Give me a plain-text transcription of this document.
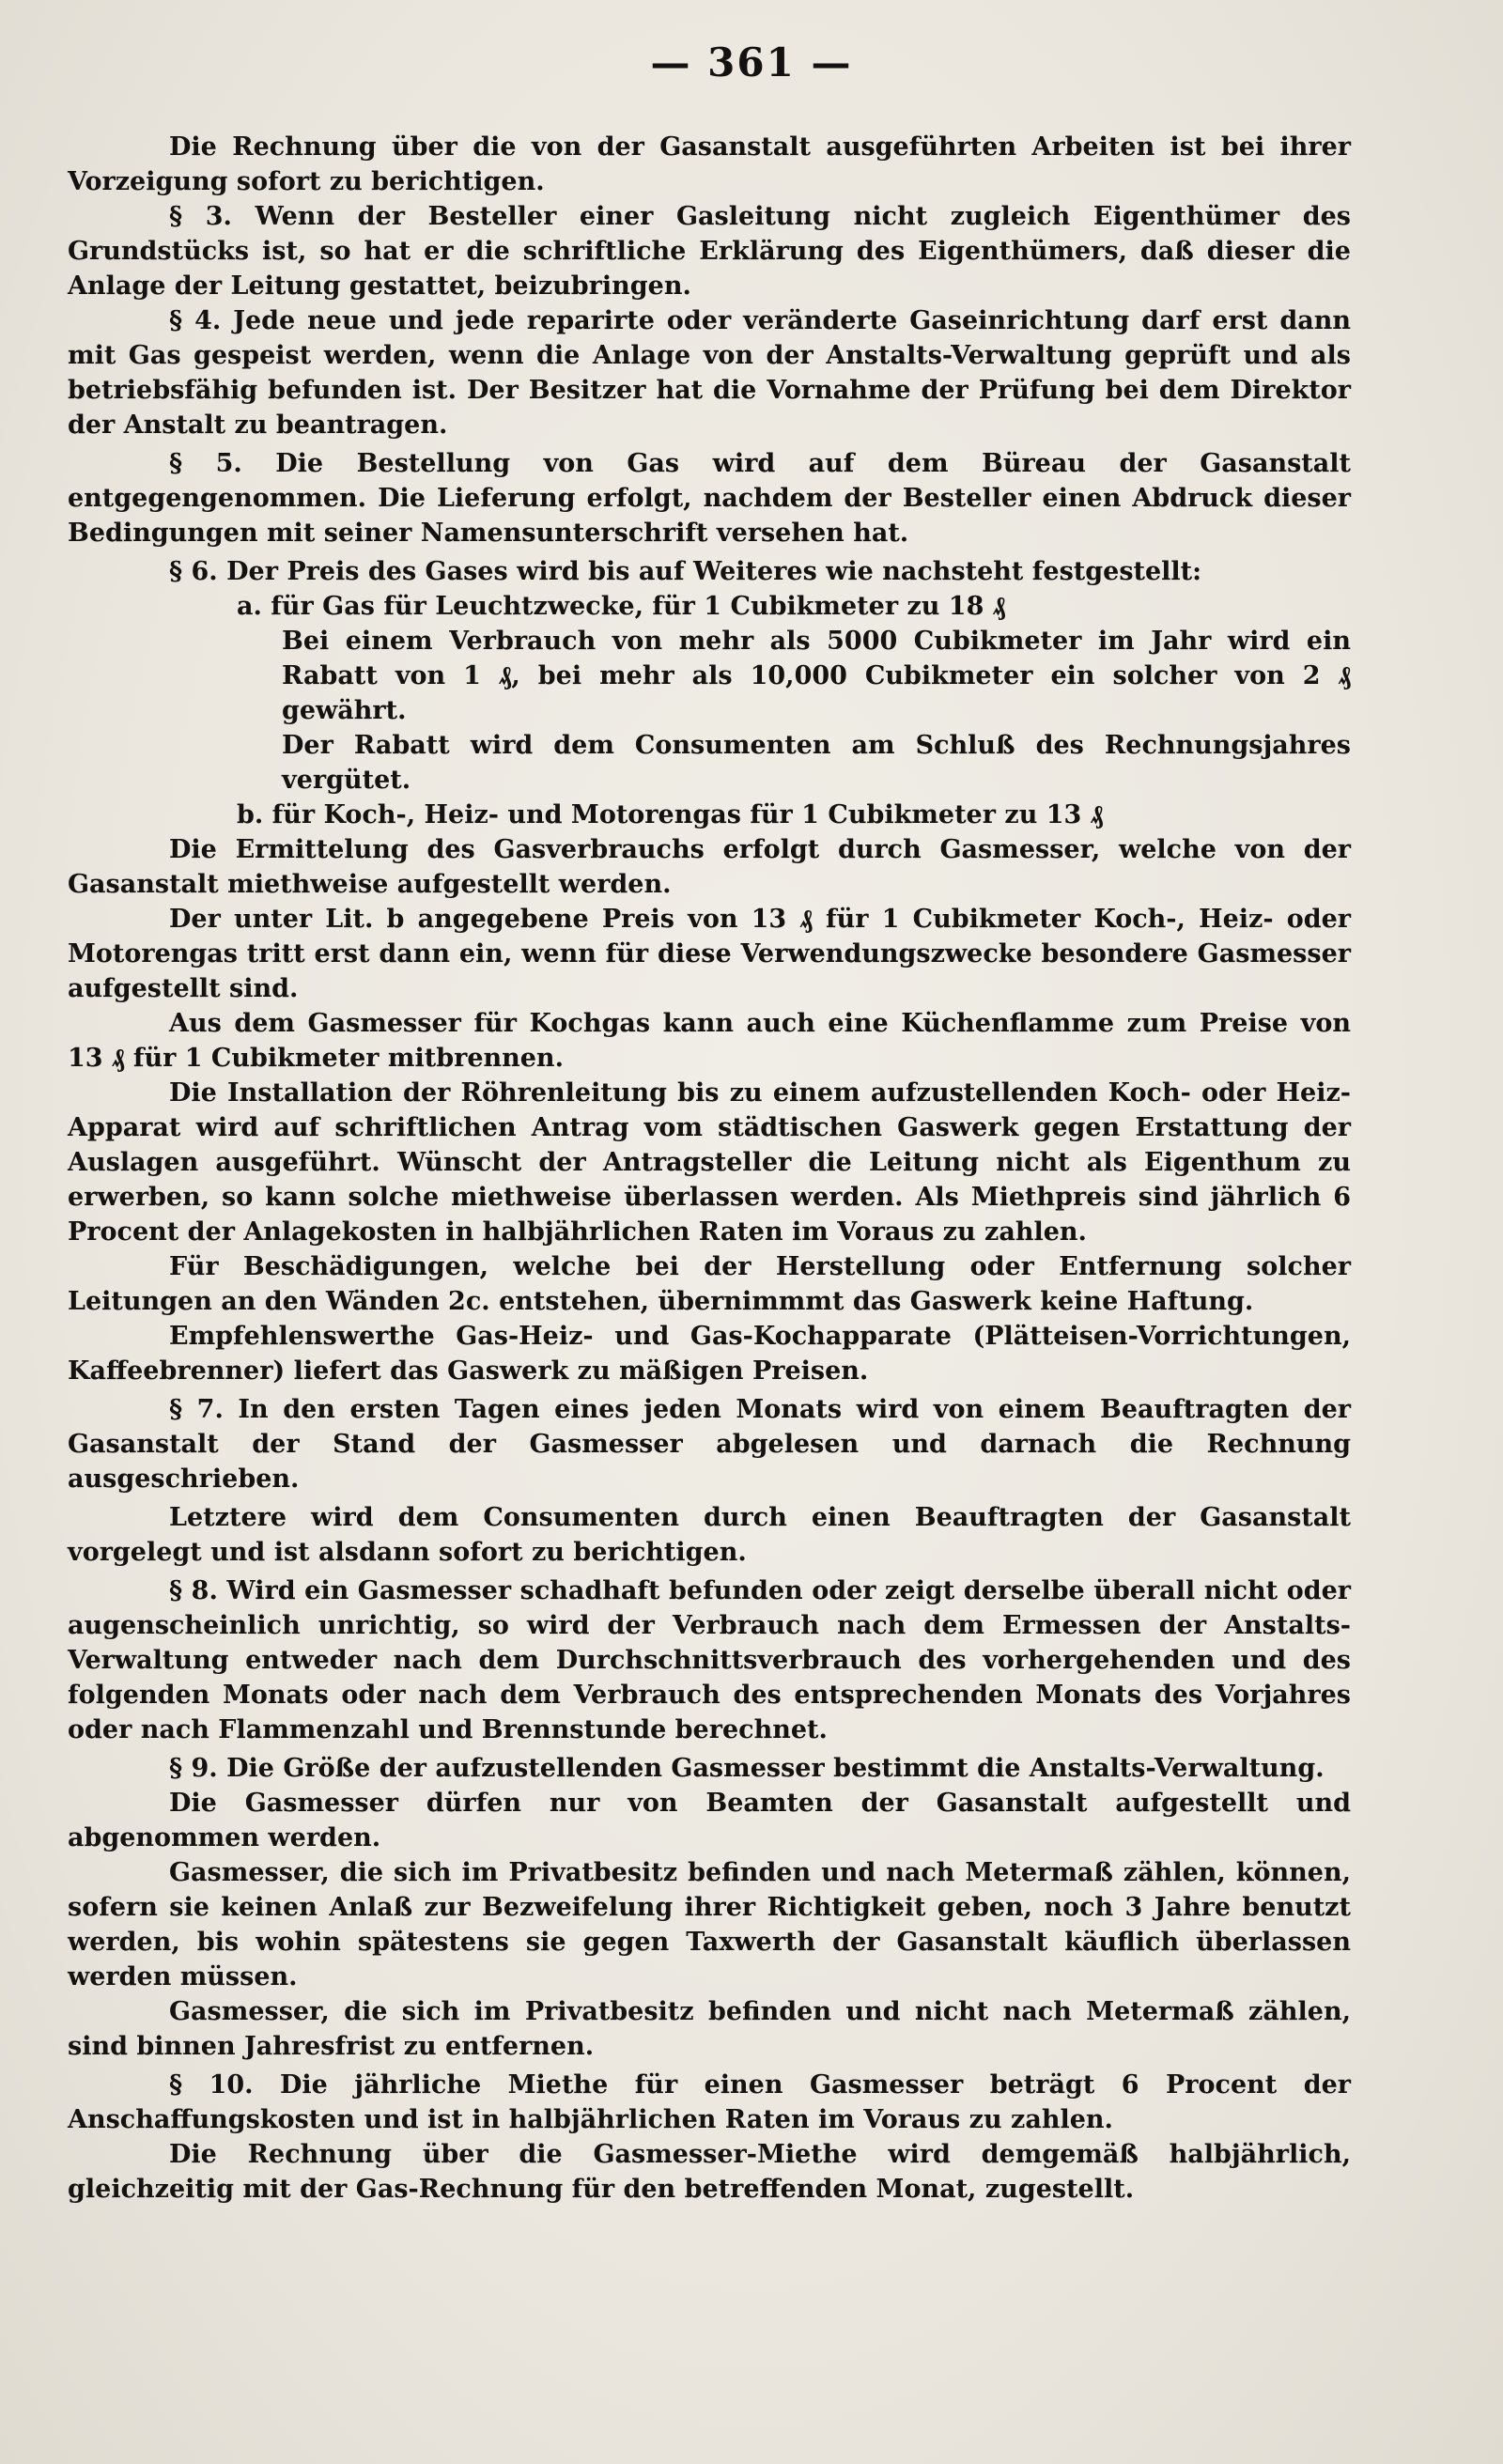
— 361 —

Die Rechnung über die von der Gasanstalt ausgeführten Arbeiten ist bei ihrer Vorzeigung sofort zu berichtigen.

§ 3. Wenn der Besteller einer Gasleitung nicht zugleich Eigenthümer des Grundstücks ist, so hat er die schriftliche Erklärung des Eigenthümers, daß dieser die Anlage der Leitung gestattet, beizubringen.

§ 4. Jede neue und jede reparirte oder veränderte Gaseinrichtung darf erst dann mit Gas gespeist werden, wenn die Anlage von der Anstalts-Verwaltung geprüft und als betriebsfähig befunden ist. Der Besitzer hat die Vornahme der Prüfung bei dem Direktor der Anstalt zu beantragen.

§ 5. Die Bestellung von Gas wird auf dem Büreau der Gasanstalt entgegengenommen. Die Lieferung erfolgt, nachdem der Besteller einen Abdruck dieser Bedingungen mit seiner Namensunterschrift versehen hat.

§ 6. Der Preis des Gases wird bis auf Weiteres wie nachsteht festgestellt:

a. für Gas für Leuchtzwecke, für 1 Cubikmeter zu 18 ₰

Bei einem Verbrauch von mehr als 5000 Cubikmeter im Jahr wird ein Rabatt von 1 ₰, bei mehr als 10,000 Cubikmeter ein solcher von 2 ₰ gewährt.

Der Rabatt wird dem Consumenten am Schluß des Rechnungsjahres vergütet.

b. für Koch-, Heiz- und Motorengas für 1 Cubikmeter zu 13 ₰

Die Ermittelung des Gasverbrauchs erfolgt durch Gasmesser, welche von der Gasanstalt miethweise aufgestellt werden.

Der unter Lit. b angegebene Preis von 13 ₰ für 1 Cubikmeter Koch-, Heiz- oder Motorengas tritt erst dann ein, wenn für diese Verwendungszwecke besondere Gasmesser aufgestellt sind.

Aus dem Gasmesser für Kochgas kann auch eine Küchenflamme zum Preise von 13 ₰ für 1 Cubikmeter mitbrennen.

Die Installation der Röhrenleitung bis zu einem aufzustellenden Koch- oder Heiz-Apparat wird auf schriftlichen Antrag vom städtischen Gaswerk gegen Erstattung der Auslagen ausgeführt. Wünscht der Antragsteller die Leitung nicht als Eigenthum zu erwerben, so kann solche miethweise überlassen werden. Als Miethpreis sind jährlich 6 Procent der Anlagekosten in halbjährlichen Raten im Voraus zu zahlen.

Für Beschädigungen, welche bei der Herstellung oder Entfernung solcher Leitungen an den Wänden 2c. entstehen, übernimmmt das Gaswerk keine Haftung.

Empfehlenswerthe Gas-Heiz- und Gas-Kochapparate (Plätteisen-Vorrichtungen, Kaffeebrenner) liefert das Gaswerk zu mäßigen Preisen.

§ 7. In den ersten Tagen eines jeden Monats wird von einem Beauftragten der Gasanstalt der Stand der Gasmesser abgelesen und darnach die Rechnung ausgeschrieben.

Letztere wird dem Consumenten durch einen Beauftragten der Gasanstalt vorgelegt und ist alsdann sofort zu berichtigen.

§ 8. Wird ein Gasmesser schadhaft befunden oder zeigt derselbe überall nicht oder augenscheinlich unrichtig, so wird der Verbrauch nach dem Ermessen der Anstalts-Verwaltung entweder nach dem Durchschnittsverbrauch des vorhergehenden und des folgenden Monats oder nach dem Verbrauch des entsprechenden Monats des Vorjahres oder nach Flammenzahl und Brennstunde berechnet.

§ 9. Die Größe der aufzustellenden Gasmesser bestimmt die Anstalts-Verwaltung.

Die Gasmesser dürfen nur von Beamten der Gasanstalt aufgestellt und abgenommen werden.

Gasmesser, die sich im Privatbesitz befinden und nach Metermaß zählen, können, sofern sie keinen Anlaß zur Bezweifelung ihrer Richtigkeit geben, noch 3 Jahre benutzt werden, bis wohin spätestens sie gegen Taxwerth der Gasanstalt käuflich überlassen werden müssen.

Gasmesser, die sich im Privatbesitz befinden und nicht nach Metermaß zählen, sind binnen Jahresfrist zu entfernen.

§ 10. Die jährliche Miethe für einen Gasmesser beträgt 6 Procent der Anschaffungskosten und ist in halbjährlichen Raten im Voraus zu zahlen.

Die Rechnung über die Gasmesser-Miethe wird demgemäß halbjährlich, gleichzeitig mit der Gas-Rechnung für den betreffenden Monat, zugestellt.
